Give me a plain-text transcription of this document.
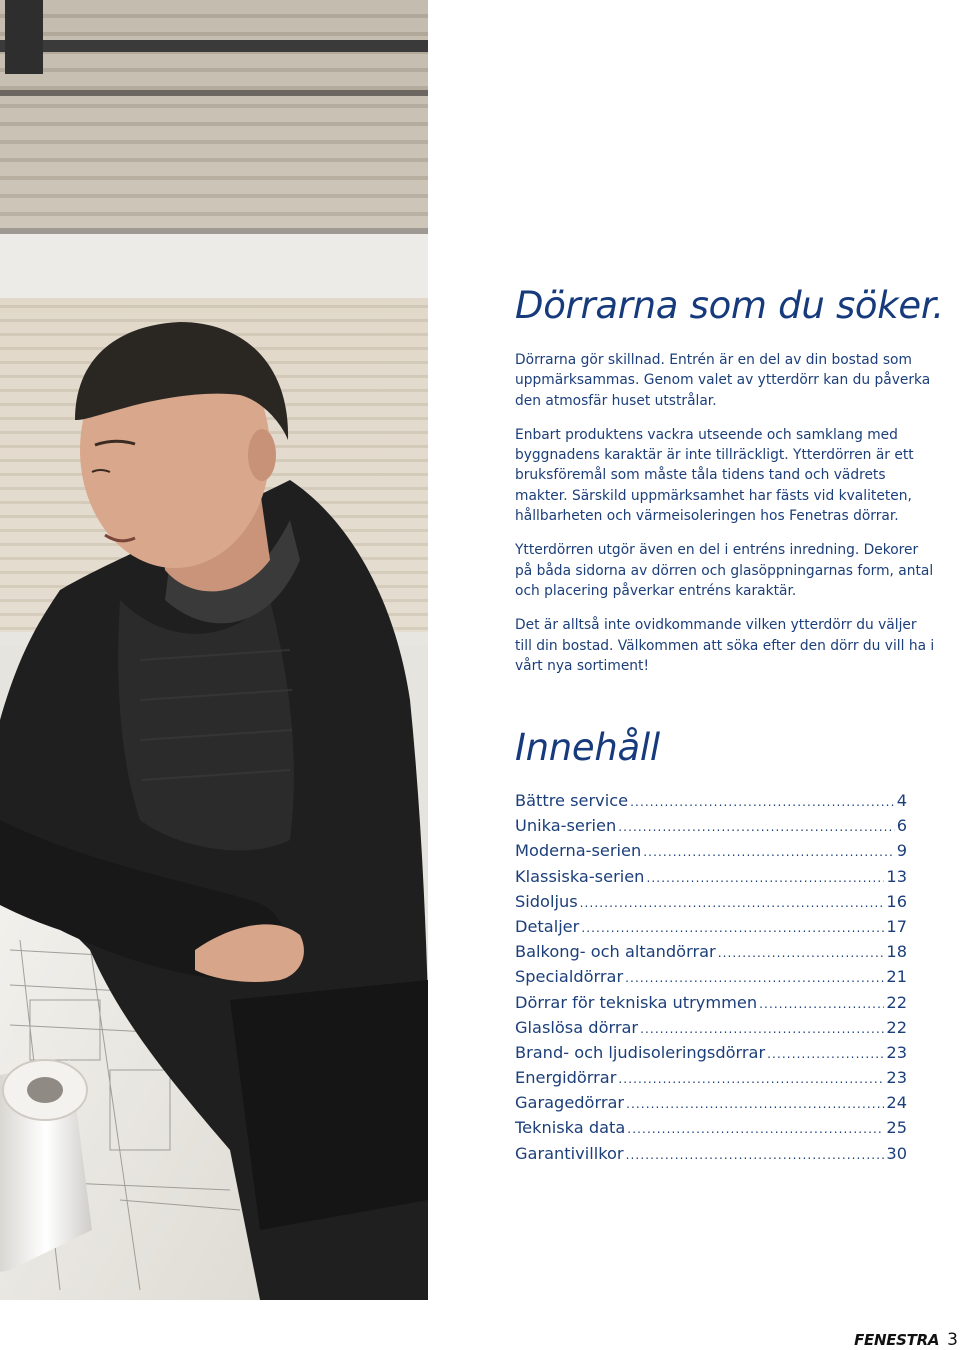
Dörrarna som du söker.

Dörrarna gör skillnad. Entrén är en del av din bostad som uppmärksammas. Genom valet av ytterdörr kan du påverka den atmosfär huset utstrålar.

Enbart produktens vackra utseende och samklang med byggnadens karaktär är inte tillräckligt. Ytterdörren är ett bruksföremål som måste tåla tidens tand och vädrets makter. Särskild uppmärksamhet har fästs vid kvaliteten, hållbarheten och värmeisoleringen hos Fenetras dörrar.

Ytterdörren utgör även en del i entréns inredning. Dekorer på båda sidorna av dörren och glasöppningarnas form, antal och placering påverkar entréns karaktär.

Det är alltså inte ovidkommande vilken ytterdörr du väljer till din bostad. Välkommen att söka efter den dörr du vill ha i vårt nya sortiment!

Innehåll
Bättre service .....	4
Unika-serien .....	6
Moderna-serien .....	9
Klassiska-serien .....	13
Sidoljus .....	16
Detaljer .....	17
Balkong- och altandörrar .....	18
Specialdörrar .....	21
Dörrar för tekniska utrymmen .....	22
Glaslösa dörrar .....	22
Brand- och ljudisoleringsdörrar .....	23
Energidörrar .....	23
Garagedörrar .....	24
Tekniska data .....	25
Garantivillkor .....	30
FENESTRA 3
